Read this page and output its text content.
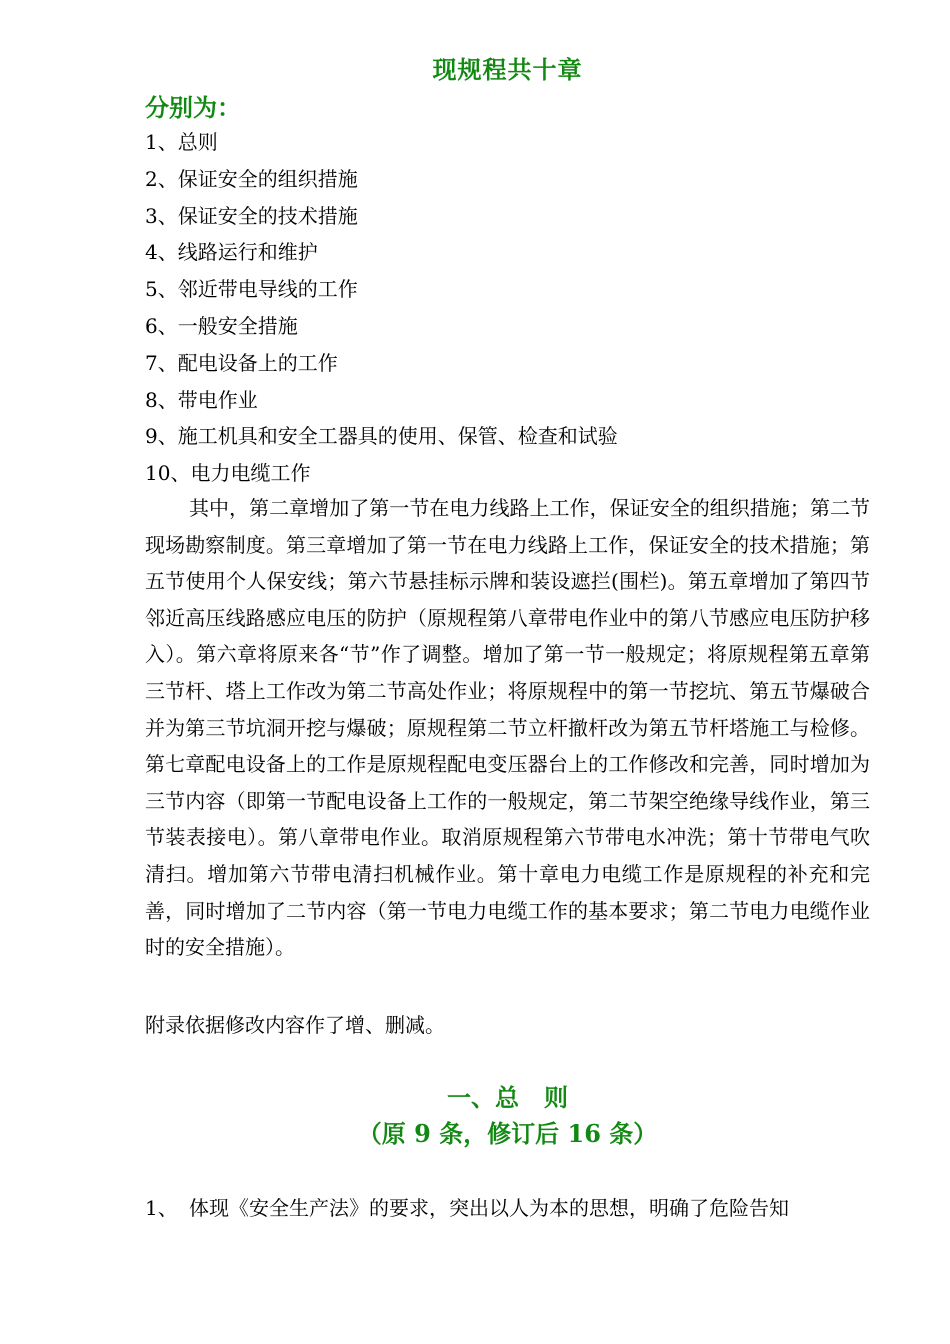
现规程共十章
分别为：
1、总则
2、保证安全的组织措施
3、保证安全的技术措施
4、线路运行和维护
5、邻近带电导线的工作
6、一般安全措施
7、配电设备上的工作
8、带电作业
9、施工机具和安全工器具的使用、保管、检查和试验
10、电力电缆工作

其中，第二章增加了第一节在电力线路上工作，保证安全的组织措施；第二节现场勘察制度。第三章增加了第一节在电力线路上工作，保证安全的技术措施；第五节使用个人保安线；第六节悬挂标示牌和装设遮拦(围栏)。第五章增加了第四节邻近高压线路感应电压的防护（原规程第八章带电作业中的第八节感应电压防护移入）。第六章将原来各“节”作了调整。增加了第一节一般规定；将原规程第五章第三节杆、塔上工作改为第二节高处作业；将原规程中的第一节挖坑、第五节爆破合并为第三节坑洞开挖与爆破；原规程第二节立杆撤杆改为第五节杆塔施工与检修。第七章配电设备上的工作是原规程配电变压器台上的工作修改和完善，同时增加为三节内容（即第一节配电设备上工作的一般规定，第二节架空绝缘导线作业，第三节装表接电）。第八章带电作业。取消原规程第六节带电水冲洗；第十节带电气吹清扫。增加第六节带电清扫机械作业。第十章电力电缆工作是原规程的补充和完善，同时增加了二节内容（第一节电力电缆工作的基本要求；第二节电力电缆作业时的安全措施）。

附录依据修改内容作了增、删减。

一、总   则
（原 9 条，修订后 16 条）

1、 体现《安全生产法》的要求，突出以人为本的思想，明确了危险告知
